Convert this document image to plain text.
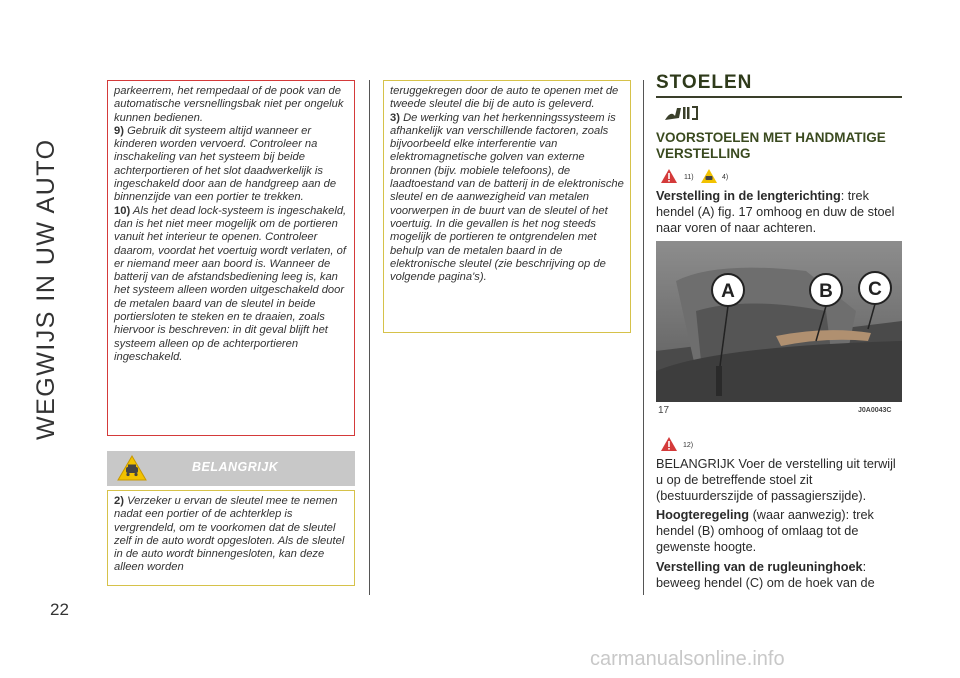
WEGWIJS IN UW AUTO
22

parkeerrem, het rempedaal of de pook van de automatische versnellingsbak niet per ongeluk kunnen bedienen.

9) Gebruik dit systeem altijd wanneer er kinderen worden vervoerd. Controleer na inschakeling van het systeem bij beide achterportieren of het slot daadwerkelijk is ingeschakeld door aan de handgreep aan de binnenzijde van een portier te trekken.

10) Als het dead lock-systeem is ingeschakeld, dan is het niet meer mogelijk om de portieren vanuit het interieur te openen. Controleer daarom, voordat het voertuig wordt verlaten, of er niemand meer aan boord is. Wanneer de batterij van de afstandsbediening leeg is, kan het systeem alleen worden uitgeschakeld door de metalen baard van de sleutel in beide portiersloten te steken en te draaien, zoals hiervoor is beschreven: in dit geval blijft het systeem alleen op de achterportieren ingeschakeld.

BELANGRIJK

2) Verzeker u ervan de sleutel mee te nemen nadat een portier of de achterklep is vergrendeld, om te voorkomen dat de sleutel zelf in de auto wordt opgesloten. Als de sleutel in de auto wordt binnengesloten, kan deze alleen worden

teruggekregen door de auto te openen met de tweede sleutel die bij de auto is geleverd.

3) De werking van het herkenningssysteem is afhankelijk van verschillende factoren, zoals bijvoorbeeld elke interferentie van elektromagnetische golven van externe bronnen (bijv. mobiele telefoons), de laadtoestand van de batterij in de elektronische sleutel en de aanwezigheid van metalen voorwerpen in de buurt van de sleutel of het voertuig. In die gevallen is het nog steeds mogelijk de portieren te ontgrendelen met behulp van de metalen baard in de elektronische sleutel (zie beschrijving op de volgende pagina's).

STOELEN
VOORSTOELEN MET HANDMATIGE VERSTELLING
11)	4)

Verstelling in de lengterichting: trek hendel (A) fig. 17 omhoog en duw de stoel naar voren of naar achteren.

A	B C
17	J0A0043C
12)

BELANGRIJK Voer de verstelling uit terwijl u op de betreffende stoel zit (bestuurderszijde of passagierszijde).

Hoogteregeling (waar aanwezig): trek hendel (B) omhoog of omlaag tot de gewenste hoogte.

Verstelling van de rugleuninghoek: beweeg hendel (C) om de hoek van de

carmanualsonline.info
